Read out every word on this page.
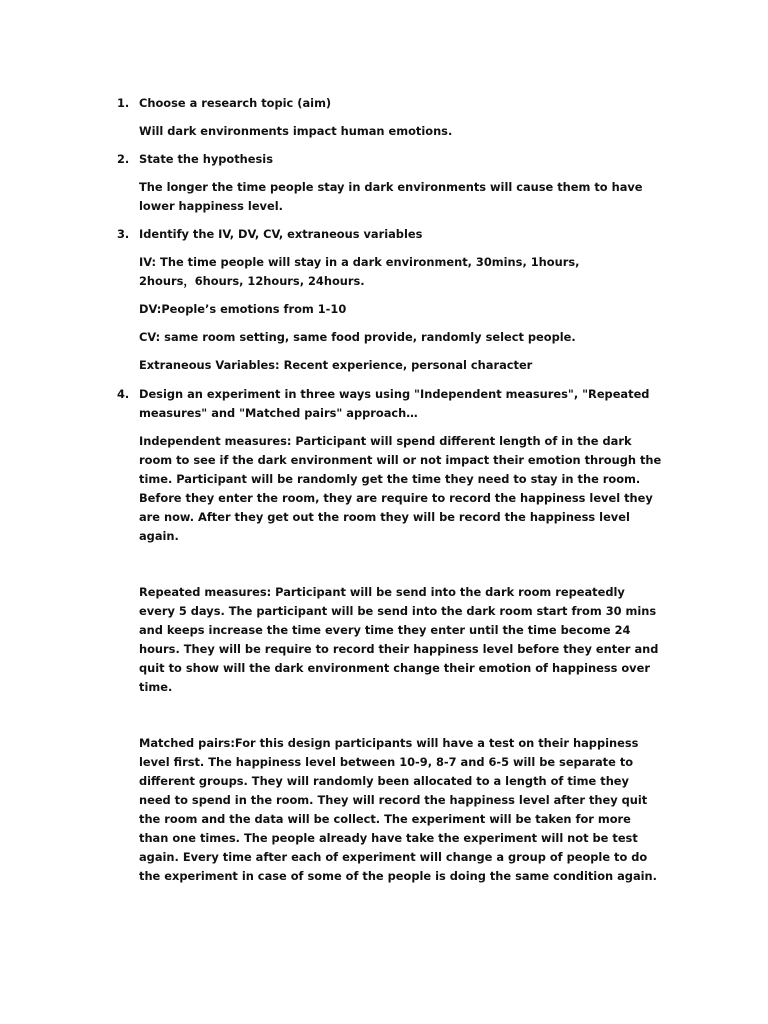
1. Choose a research topic (aim)
Will dark environments impact human emotions.
2. State the hypothesis
The longer the time people stay in dark environments will cause them to have
lower happiness level.
3. Identify the IV, DV, CV, extraneous variables
IV: The time people will stay in a dark environment, 30mins, 1hours,
2hours，6hours, 12hours, 24hours.
DV:People’s emotions from 1-10
CV: same room setting, same food provide, randomly select people.
Extraneous Variables: Recent experience, personal character
4. Design an experiment in three ways using "Independent measures", "Repeated
measures" and "Matched pairs" approach…
Independent measures: Participant will spend different length of in the dark
room to see if the dark environment will or not impact their emotion through the
time. Participant will be randomly get the time they need to stay in the room.
Before they enter the room, they are require to record the happiness level they
are now. After they get out the room they will be record the happiness level
again.
Repeated measures: Participant will be send into the dark room repeatedly
every 5 days. The participant will be send into the dark room start from 30 mins
and keeps increase the time every time they enter until the time become 24
hours. They will be require to record their happiness level before they enter and
quit to show will the dark environment change their emotion of happiness over
time.
Matched pairs:For this design participants will have a test on their happiness
level first. The happiness level between 10-9, 8-7 and 6-5 will be separate to
different groups. They will randomly been allocated to a length of time they
need to spend in the room. They will record the happiness level after they quit
the room and the data will be collect. The experiment will be taken for more
than one times. The people already have take the experiment will not be test
again. Every time after each of experiment will change a group of people to do
the experiment in case of some of the people is doing the same condition again.
